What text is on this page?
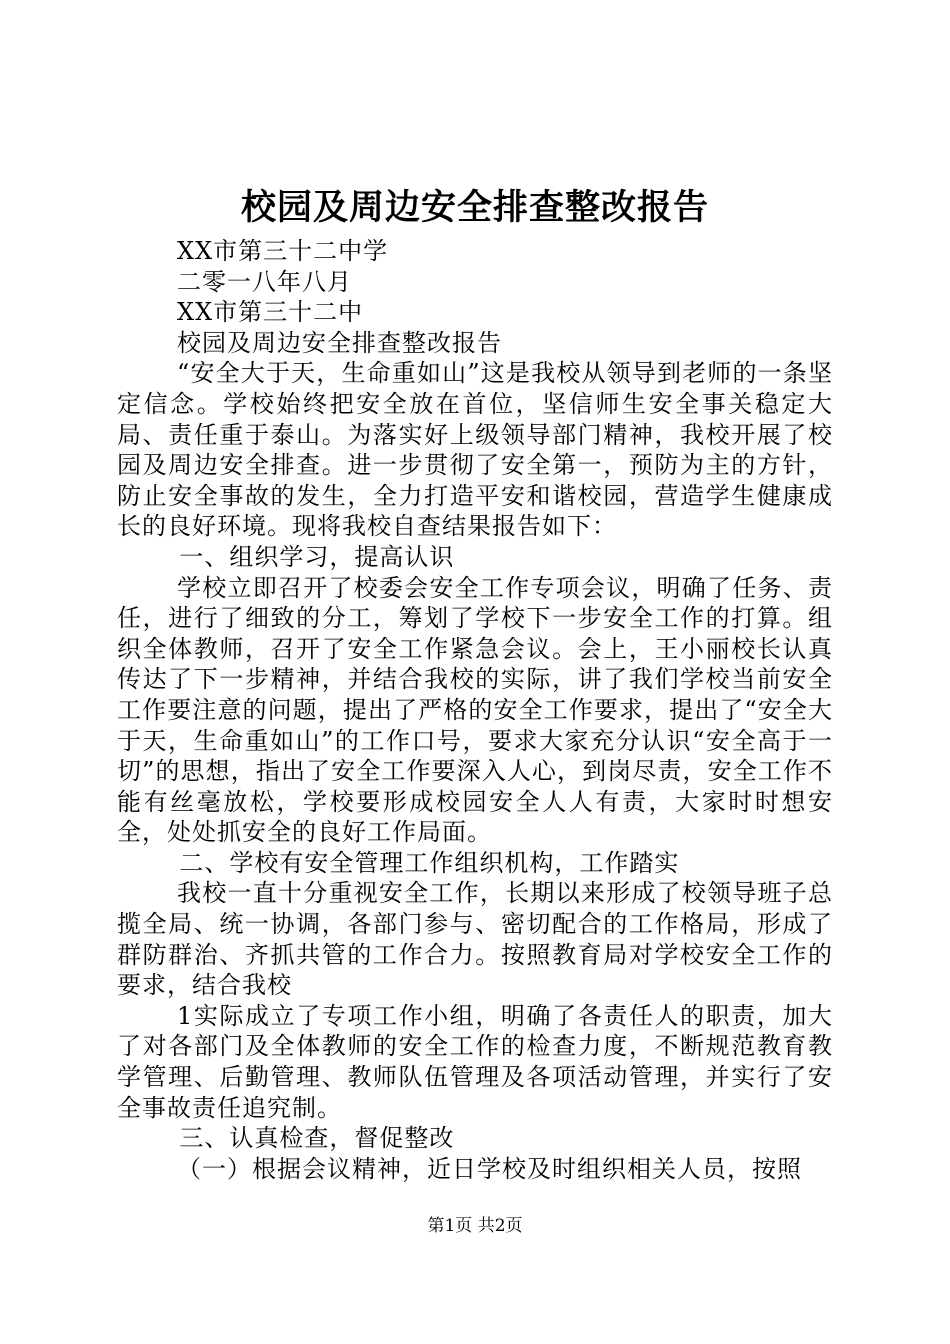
校园及周边安全排查整改报告

XX市第三十二中学

二零一八年八月

XX市第三十二中

校园及周边安全排查整改报告

“安全大于天，生命重如山”这是我校从领导到老师的一条坚定信念。学校始终把安全放在首位，坚信师生安全事关稳定大局、责任重于泰山。为落实好上级领导部门精神，我校开展了校园及周边安全排查。进一步贯彻了安全第一，预防为主的方针，防止安全事故的发生，全力打造平安和谐校园，营造学生健康成长的良好环境。现将我校自查结果报告如下：

一、组织学习，提高认识

学校立即召开了校委会安全工作专项会议，明确了任务、责任，进行了细致的分工，筹划了学校下一步安全工作的打算。组织全体教师，召开了安全工作紧急会议。会上，王小丽校长认真传达了下一步精神，并结合我校的实际，讲了我们学校当前安全工作要注意的问题，提出了严格的安全工作要求，提出了“安全大于天，生命重如山”的工作口号，要求大家充分认识“安全高于一切”的思想，指出了安全工作要深入人心，到岗尽责，安全工作不能有丝毫放松，学校要形成校园安全人人有责，大家时时想安全，处处抓安全的良好工作局面。

二、学校有安全管理工作组织机构，工作踏实

我校一直十分重视安全工作，长期以来形成了校领导班子总揽全局、统一协调，各部门参与、密切配合的工作格局，形成了群防群治、齐抓共管的工作合力。按照教育局对学校安全工作的要求，结合我校

1实际成立了专项工作小组，明确了各责任人的职责，加大了对各部门及全体教师的安全工作的检查力度，不断规范教育教学管理、后勤管理、教师队伍管理及各项活动管理，并实行了安全事故责任追究制。

三、认真检查，督促整改

（一）根据会议精神，近日学校及时组织相关人员，按照

第1页 共2页
